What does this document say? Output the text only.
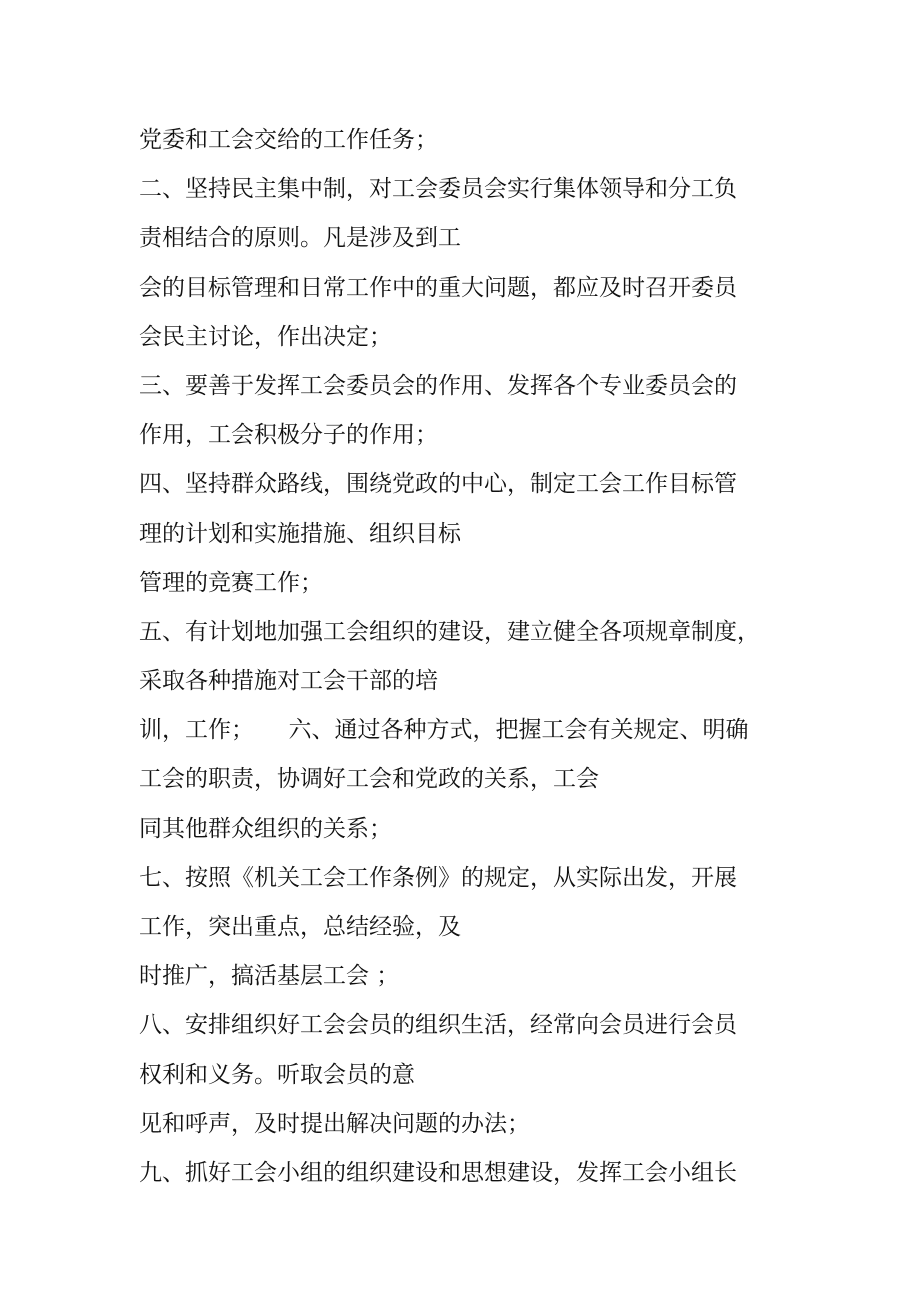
党委和工会交给的工作任务；
二、坚持民主集中制，对工会委员会实行集体领导和分工负
责相结合的原则。凡是涉及到工
会的目标管理和日常工作中的重大问题，都应及时召开委员
会民主讨论，作出决定；
三、要善于发挥工会委员会的作用、发挥各个专业委员会的
作用，工会积极分子的作用；
四、坚持群众路线，围绕党政的中心，制定工会工作目标管
理的计划和实施措施、组织目标
管理的竞赛工作；
五、有计划地加强工会组织的建设，建立健全各项规章制度，
采取各种措施对工会干部的培
训，工作；　　六、通过各种方式，把握工会有关规定、明确
工会的职责，协调好工会和党政的关系，工会
同其他群众组织的关系；
七、按照《机关工会工作条例》的规定，从实际出发，开展
工作，突出重点，总结经验，及
时推广，搞活基层工会 ；
八、安排组织好工会会员的组织生活，经常向会员进行会员
权利和义务。听取会员的意
见和呼声，及时提出解决问题的办法；
九、抓好工会小组的组织建设和思想建设，发挥工会小组长
